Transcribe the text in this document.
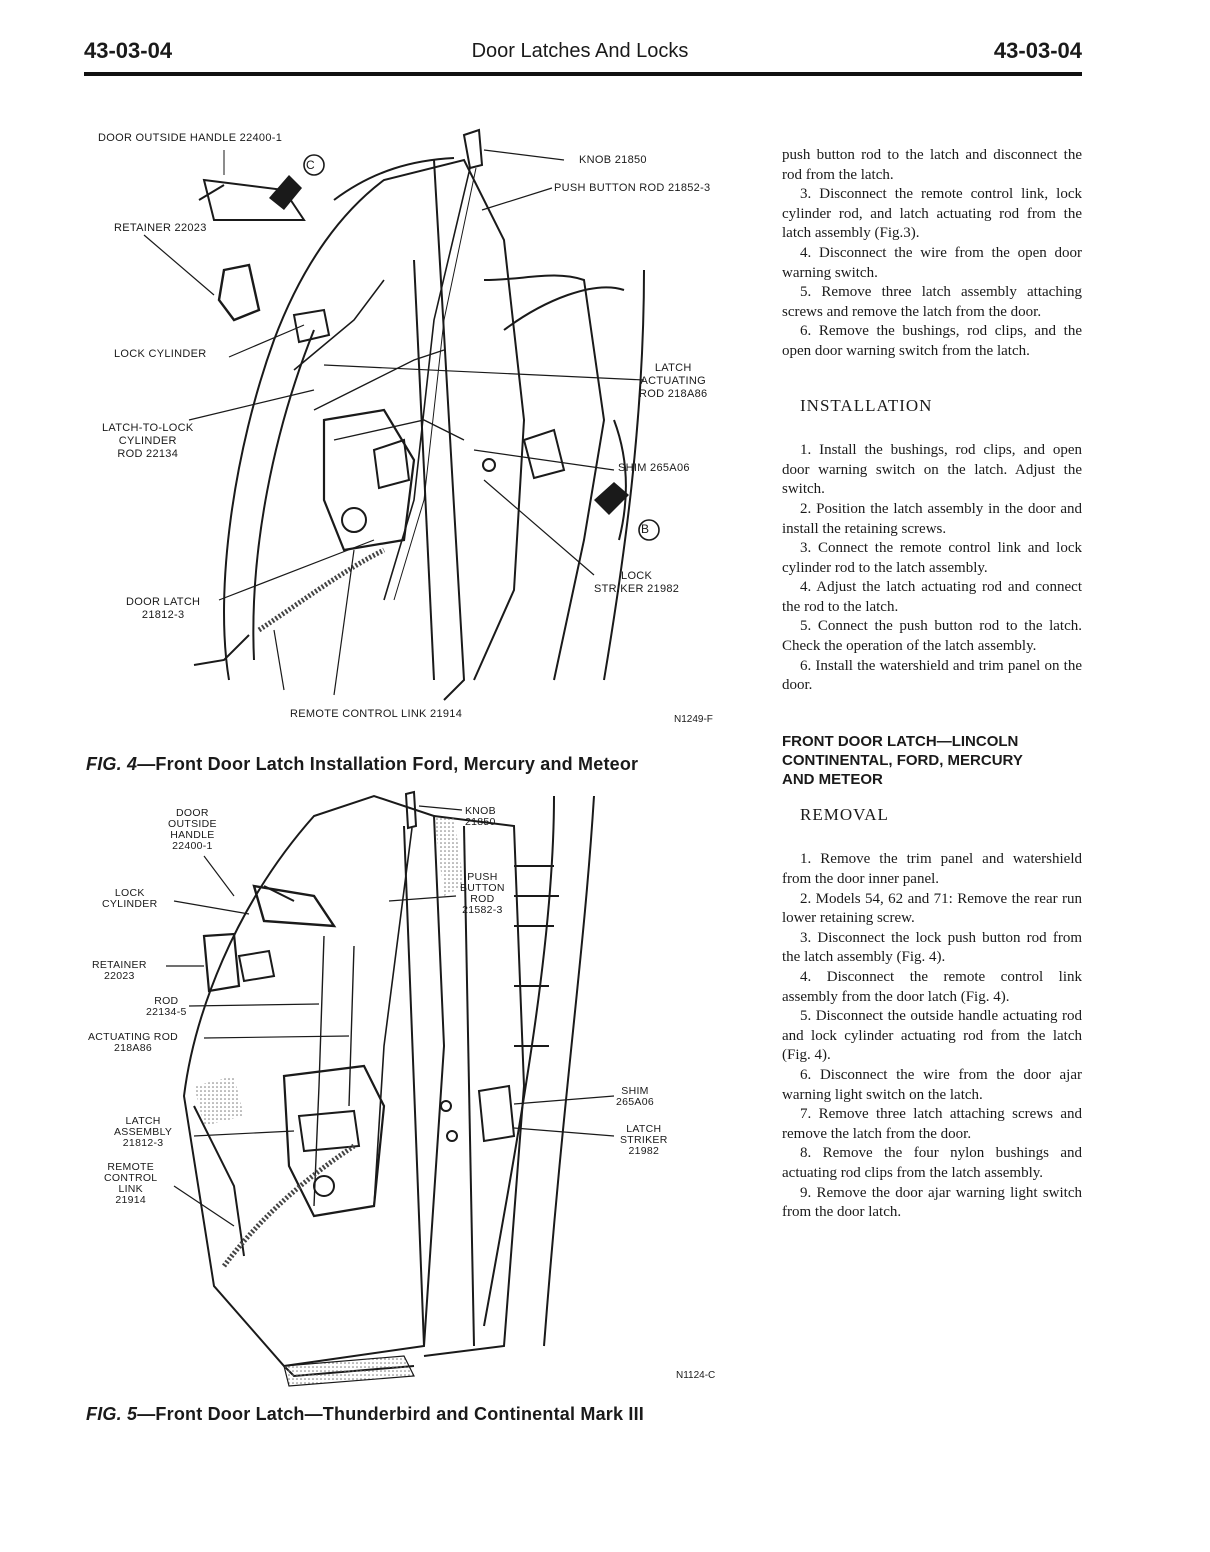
43-03-04	Door Latches And Locks	43-03-04
C
B
DOOR OUTSIDE HANDLE 22400-1
KNOB 21850
PUSH BUTTON ROD 21852-3
RETAINER 22023
LOCK CYLINDER
LATCH
ACTUATING
ROD 218A86
LATCH-TO-LOCK
CYLINDER
ROD 22134
SHIM 265A06
LOCK
STRIKER 21982
DOOR LATCH
21812-3
REMOTE CONTROL LINK 21914	N1249-F
FIG. 4—Front Door Latch Installation Ford, Mercury and Meteor
DOOR
OUTSIDE
HANDLE
22400-1
KNOB
21850
LOCK
CYLINDER
PUSH
BUTTON
ROD
21582-3
RETAINER
22023
ROD
22134-5
ACTUATING ROD
218A86
SHIM
265A06
LATCH
ASSEMBLY
21812-3
LATCH
STRIKER
21982
REMOTE
CONTROL
LINK
21914
N1124-C
FIG. 5—Front Door Latch—Thunderbird and Continental Mark III

push button rod to the latch and disconnect the rod from the latch.

3. Disconnect the remote control link, lock cylinder rod, and latch actuating rod from the latch assembly (Fig.3).

4. Disconnect the wire from the open door warning switch.

5. Remove three latch assembly attaching screws and remove the latch from the door.

6. Remove the bushings, rod clips, and the open door warning switch from the latch.

INSTALLATION

1. Install the bushings, rod clips, and open door warning switch on the latch. Adjust the switch.

2. Position the latch assembly in the door and install the retaining screws.

3. Connect the remote control link and lock cylinder rod to the latch assembly.

4. Adjust the latch actuating rod and connect the rod to the latch.

5. Connect the push button rod to the latch. Check the operation of the latch assembly.

6. Install the watershield and trim panel on the door.

FRONT DOOR LATCH—LINCOLN
CONTINENTAL, FORD, MERCURY
AND METEOR
REMOVAL

1. Remove the trim panel and watershield from the door inner panel.

2. Models 54, 62 and 71: Remove the rear run lower retaining screw.

3. Disconnect the lock push button rod from the latch assembly (Fig. 4).

4. Disconnect the remote control link assembly from the door latch (Fig. 4).

5. Disconnect the outside handle actuating rod and lock cylinder actuating rod from the latch (Fig. 4).

6. Disconnect the wire from the door ajar warning light switch on the latch.

7. Remove three latch attaching screws and remove the latch from the door.

8. Remove the four nylon bushings and actuating rod clips from the latch assembly.

9. Remove the door ajar warning light switch from the door latch.
